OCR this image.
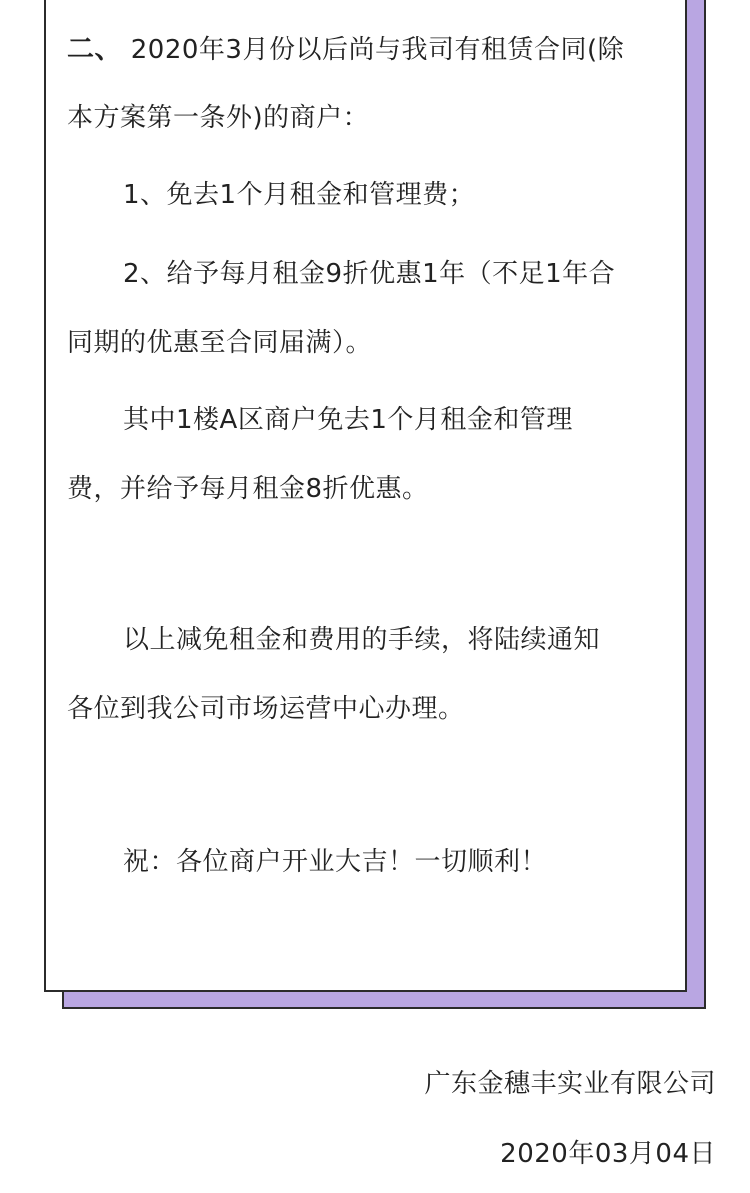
二、 2020年3月份以后尚与我司有租赁合同(除
本方案第一条外)的商户：
1、免去1个月租金和管理费；
2、给予每月租金9折优惠1年（不足1年合
同期的优惠至合同届满）。
其中1楼A区商户免去1个月租金和管理
费，并给予每月租金8折优惠。
以上减免租金和费用的手续，将陆续通知
各位到我公司市场运营中心办理。
祝：各位商户开业大吉！一切顺利！
广东金穗丰实业有限公司
2020年03月04日
